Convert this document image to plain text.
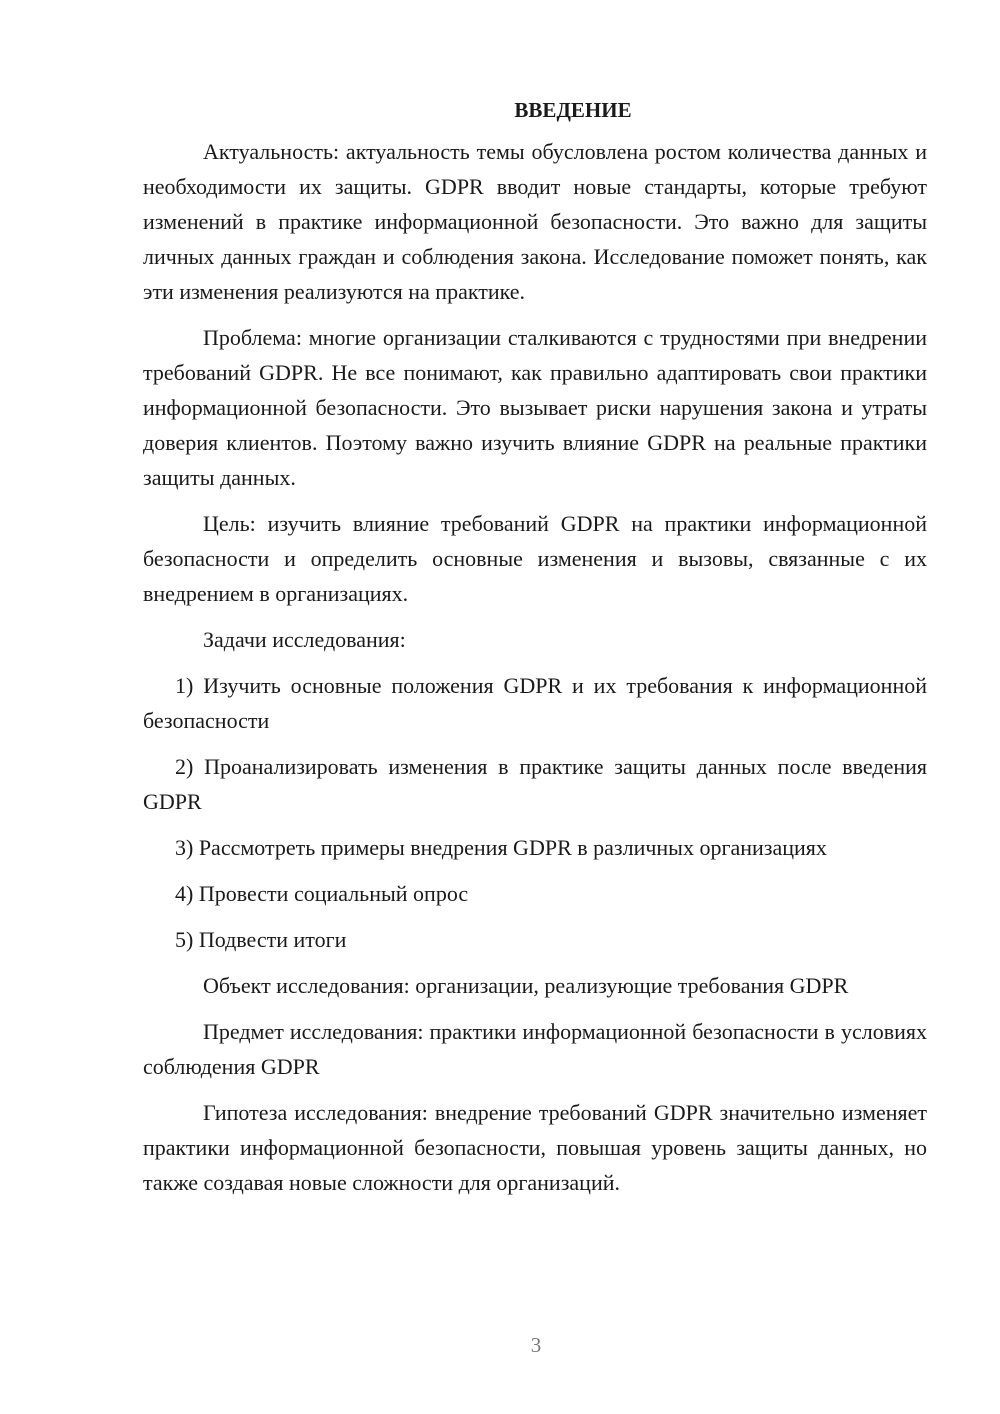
ВВЕДЕНИЕ

Актуальность: актуальность темы обусловлена ростом количества данных и необходимости их защиты. GDPR вводит новые стандарты, которые требуют изменений в практике информационной безопасности. Это важно для защиты личных данных граждан и соблюдения закона. Исследование поможет понять, как эти изменения реализуются на практике.

Проблема: многие организации сталкиваются с трудностями при внедрении требований GDPR. Не все понимают, как правильно адаптировать свои практики информационной безопасности. Это вызывает риски нарушения закона и утраты доверия клиентов. Поэтому важно изучить влияние GDPR на реальные практики защиты данных.

Цель: изучить влияние требований GDPR на практики информационной безопасности и определить основные изменения и вызовы, связанные с их внедрением в организациях.

Задачи исследования:

1) Изучить основные положения GDPR и их требования к информационной безопасности

2) Проанализировать изменения в практике защиты данных после введения GDPR

3) Рассмотреть примеры внедрения GDPR в различных организациях

4) Провести социальный опрос

5) Подвести итоги

Объект исследования: организации, реализующие требования GDPR

Предмет исследования: практики информационной безопасности в условиях соблюдения GDPR

Гипотеза исследования: внедрение требований GDPR значительно изменяет практики информационной безопасности, повышая уровень защиты данных, но также создавая новые сложности для организаций.

3
